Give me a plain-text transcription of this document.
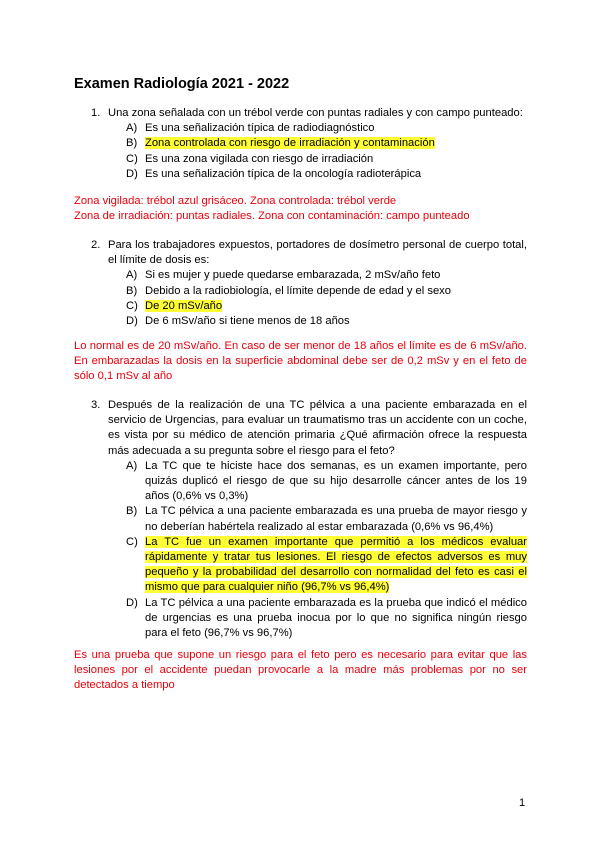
Examen Radiología 2021 - 2022
1. Una zona señalada con un trébol verde con puntas radiales y con campo punteado:
A) Es una señalización típica de radiodiagnóstico
B) Zona controlada con riesgo de irradiación y contaminación
C) Es una zona vigilada con riesgo de irradiación
D) Es una señalización típica de la oncología radioterápica
Zona vigilada: trébol azul grisáceo. Zona controlada: trébol verde
Zona de irradiación: puntas radiales. Zona con contaminación: campo punteado
2. Para los trabajadores expuestos, portadores de dosímetro personal de cuerpo total, el límite de dosis es:
A) Si es mujer y puede quedarse embarazada, 2 mSv/año feto
B) Debido a la radiobiología, el límite depende de edad y el sexo
C) De 20 mSv/año
D) De 6 mSv/año si tiene menos de 18 años
Lo normal es de 20 mSv/año. En caso de ser menor de 18 años el límite es de 6 mSv/año. En embarazadas la dosis en la superficie abdominal debe ser de 0,2 mSv y en el feto de sólo 0,1 mSv al año
3. Después de la realización de una TC pélvica a una paciente embarazada en el servicio de Urgencias, para evaluar un traumatismo tras un accidente con un coche, es vista por su médico de atención primaria ¿Qué afirmación ofrece la respuesta más adecuada a su pregunta sobre el riesgo para el feto?
A) La TC que te hiciste hace dos semanas, es un examen importante, pero quizás duplicó el riesgo de que su hijo desarrolle cáncer antes de los 19 años (0,6% vs 0,3%)
B) La TC pélvica a una paciente embarazada es una prueba de mayor riesgo y no deberían habértela realizado al estar embarazada (0,6% vs 96,4%)
C) La TC fue un examen importante que permitió a los médicos evaluar rápidamente y tratar tus lesiones. El riesgo de efectos adversos es muy pequeño y la probabilidad del desarrollo con normalidad del feto es casi el mismo que para cualquier niño (96,7% vs 96,4%)
D) La TC pélvica a una paciente embarazada es la prueba que indicó el médico de urgencias es una prueba inocua por lo que no significa ningún riesgo para el feto (96,7% vs 96,7%)
Es una prueba que supone un riesgo para el feto pero es necesario para evitar que las lesiones por el accidente puedan provocarle a la madre más problemas por no ser detectados a tiempo
1
